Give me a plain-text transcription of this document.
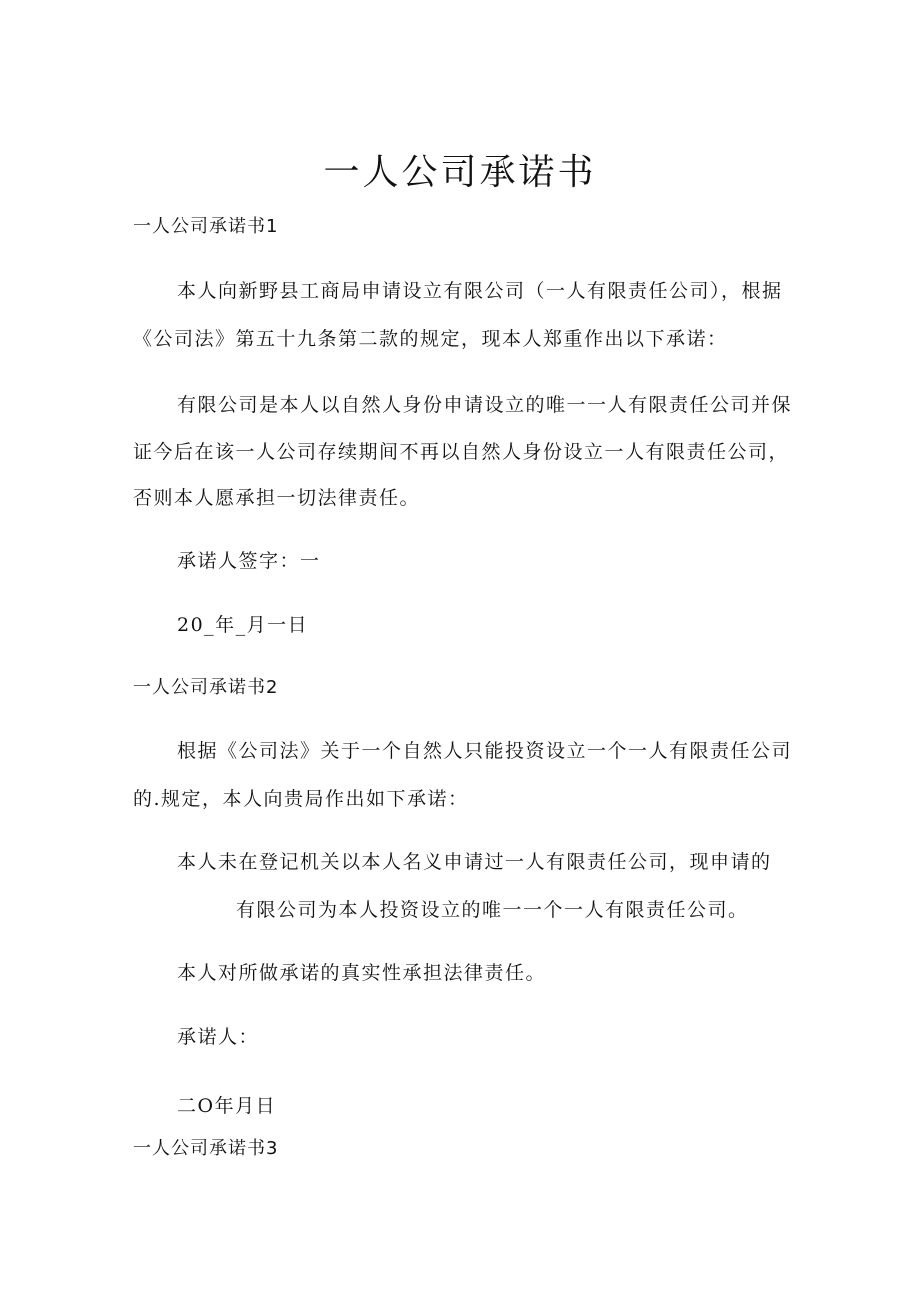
一人公司承诺书
一人公司承诺书1
本人向新野县工商局申请设立有限公司（一人有限责任公司），根据
《公司法》第五十九条第二款的规定，现本人郑重作出以下承诺：
有限公司是本人以自然人身份申请设立的唯一一人有限责任公司并保
证今后在该一人公司存续期间不再以自然人身份设立一人有限责任公司，
否则本人愿承担一切法律责任。
承诺人签字：一
20_年_月一日
一人公司承诺书2
根据《公司法》关于一个自然人只能投资设立一个一人有限责任公司
的.规定，本人向贵局作出如下承诺：
本人未在登记机关以本人名义申请过一人有限责任公司，现申请的
有限公司为本人投资设立的唯一一个一人有限责任公司。
本人对所做承诺的真实性承担法律责任。
承诺人：
二O年月日
一人公司承诺书3
